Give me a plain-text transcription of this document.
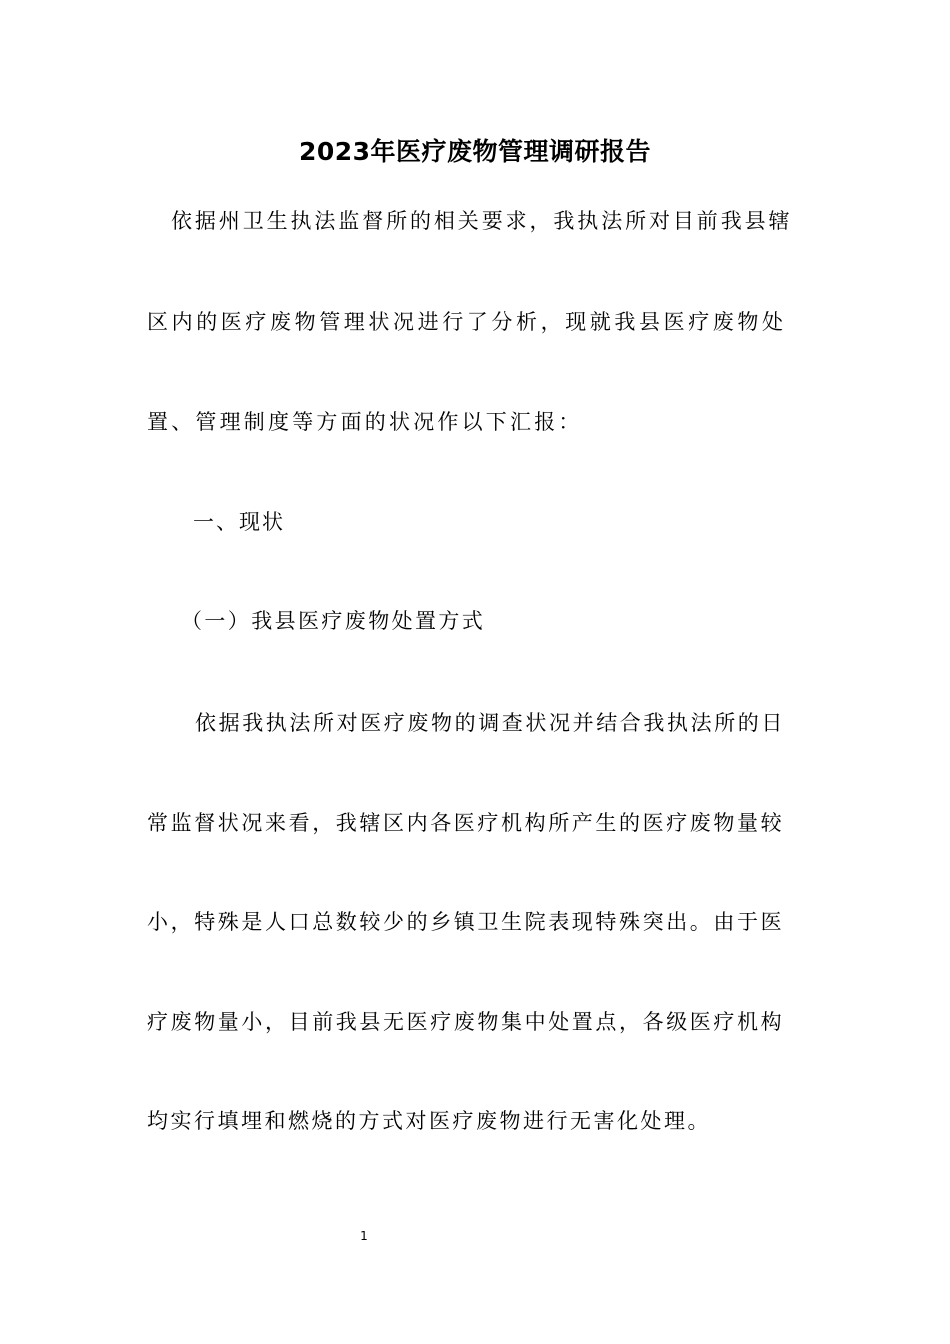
2023年医疗废物管理调研报告
依据州卫生执法监督所的相关要求，我执法所对目前我县辖
区内的医疗废物管理状况进行了分析，现就我县医疗废物处
置、管理制度等方面的状况作以下汇报：
一、现状
（一）我县医疗废物处置方式
依据我执法所对医疗废物的调查状况并结合我执法所的日
常监督状况来看，我辖区内各医疗机构所产生的医疗废物量较
小，特殊是人口总数较少的乡镇卫生院表现特殊突出。由于医
疗废物量小，目前我县无医疗废物集中处置点，各级医疗机构
均实行填埋和燃烧的方式对医疗废物进行无害化处理。
1
